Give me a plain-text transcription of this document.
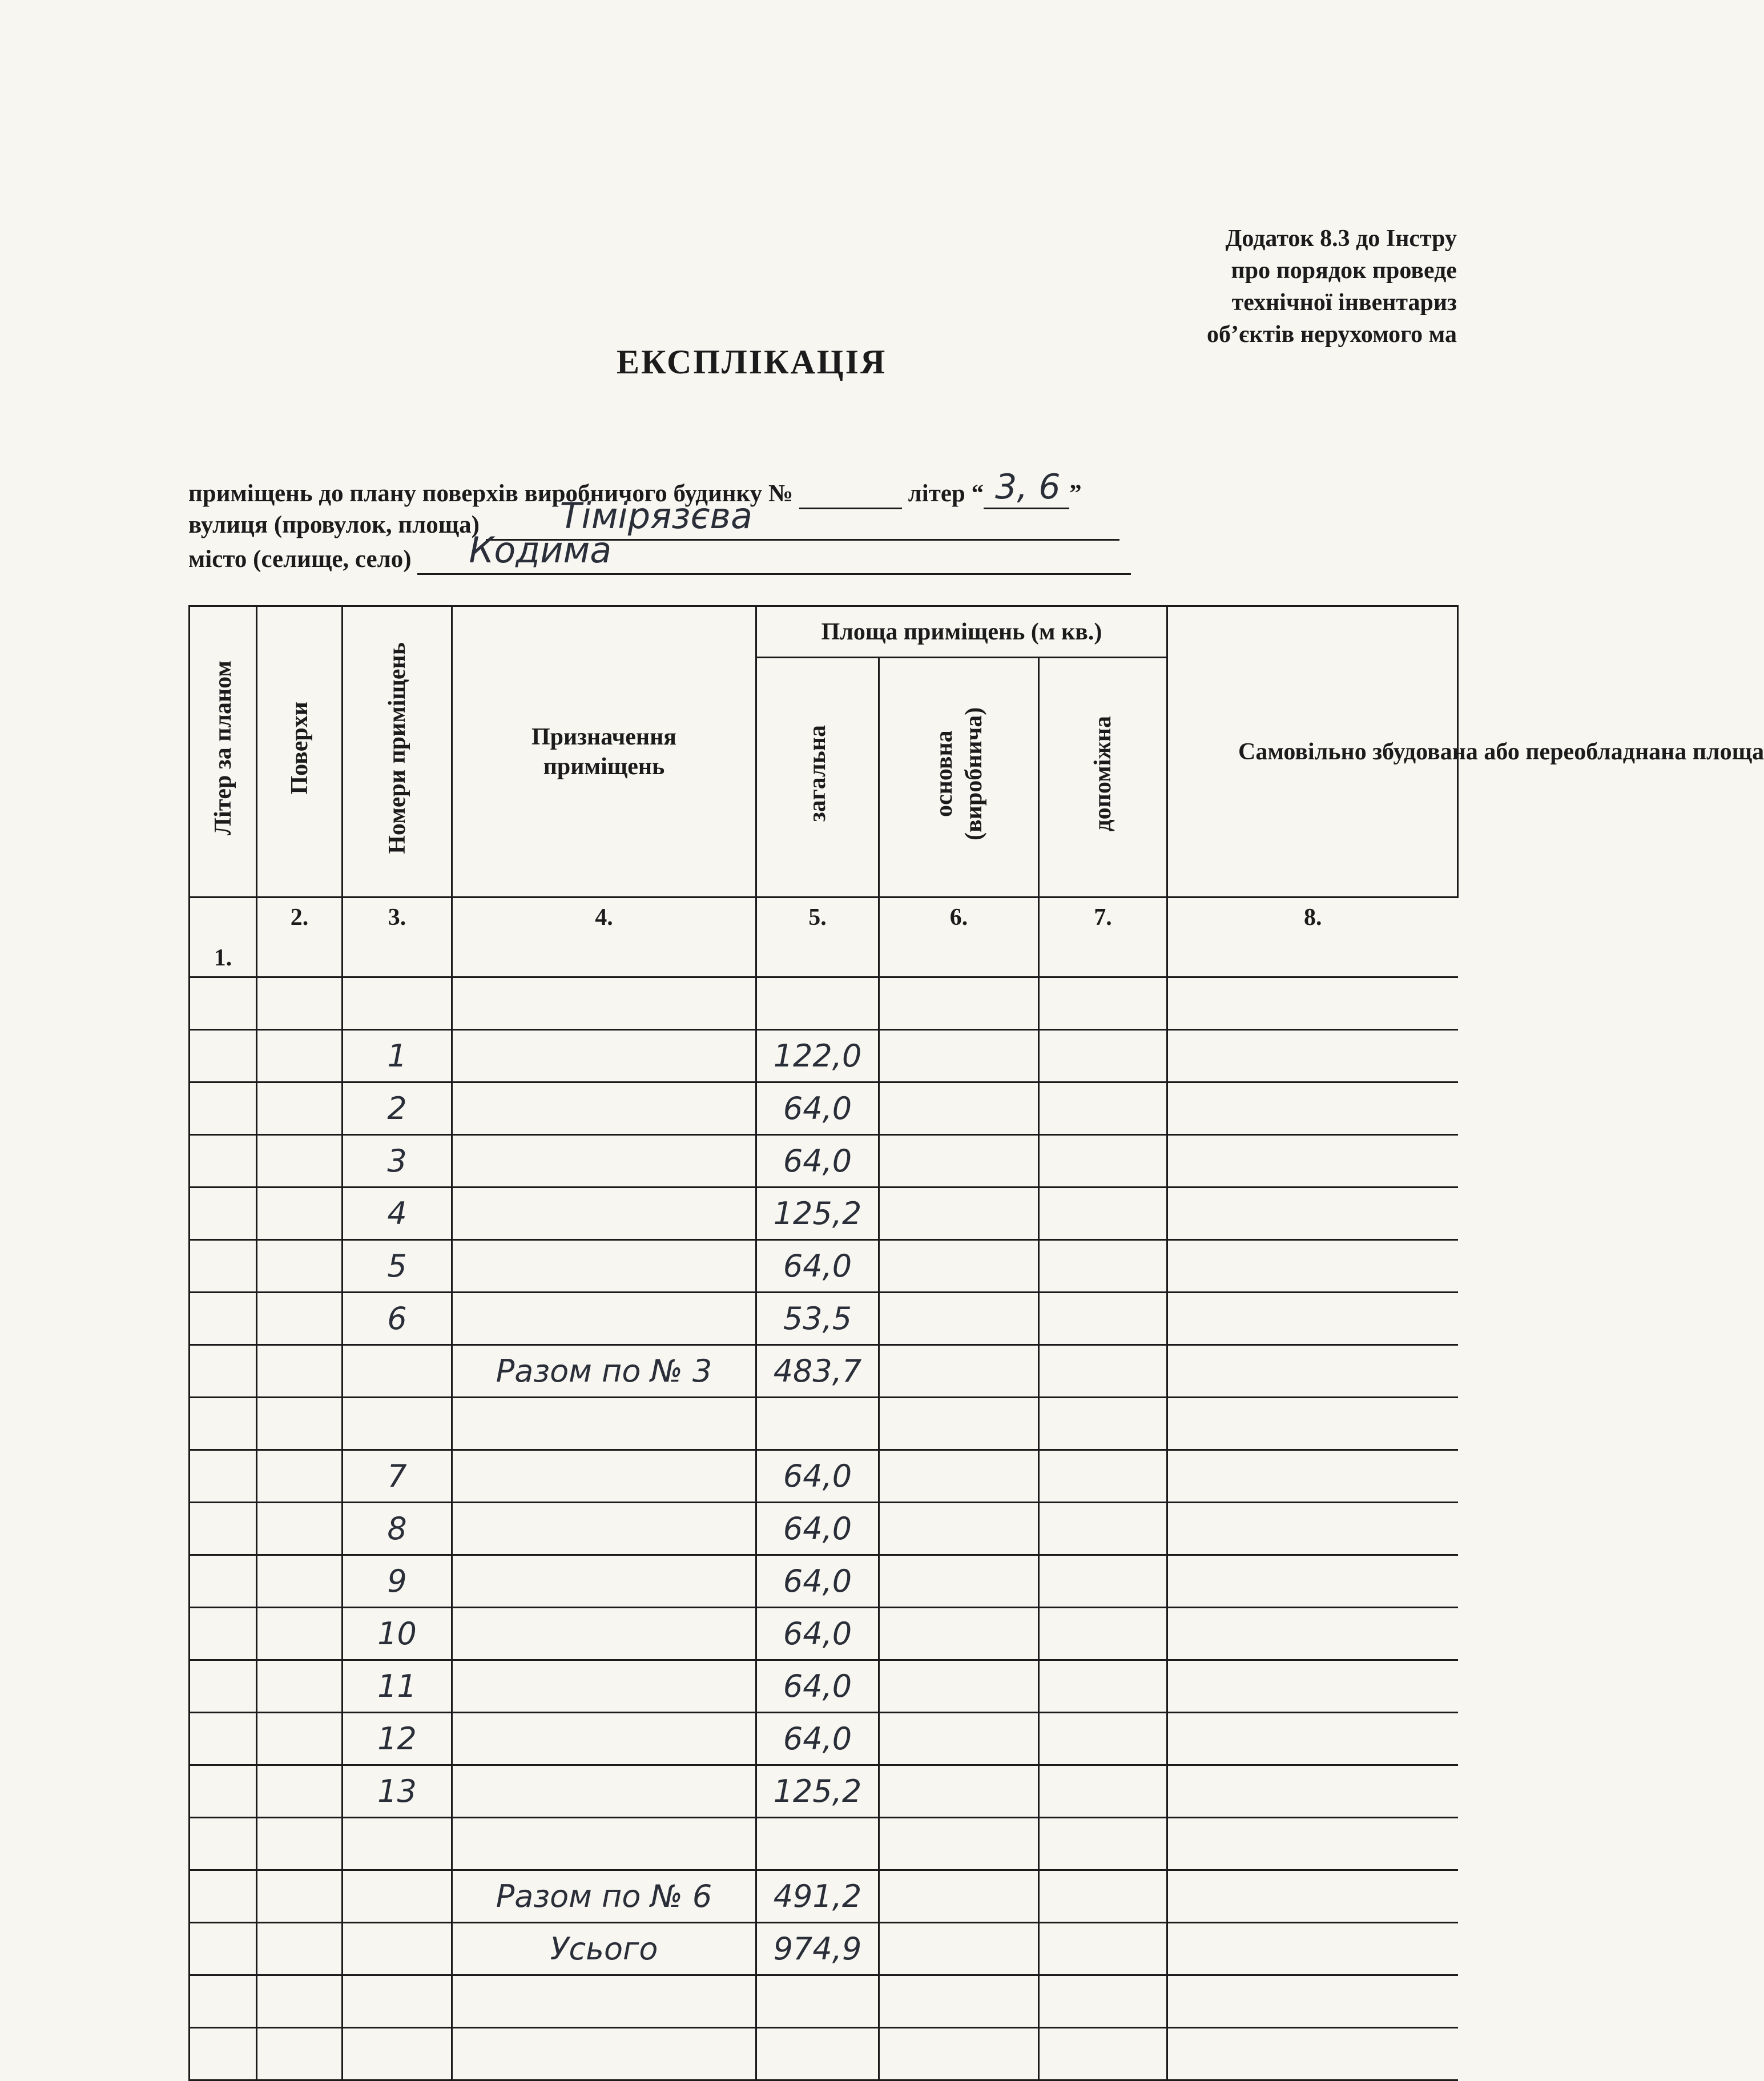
Додаток 8.3 до Інстру
про порядок проведе
технічної інвентариз
об’єктів нерухомого ма
ЕКСПЛІКАЦІЯ
приміщень до плану поверхів виробничого будинку №	літер “ 3, 6 ”
вулиця (провулок, площа) Тімірязєва

місто (селище, село) Кодима

Літер за планом	Поверхи	Номери приміщень	Призначення приміщень	Площа приміщень (м кв.)			Самовільно збудована або переобладнана площа
				загальна	основна (виробнича)	допоміжна	
1.	2.	3.	4.	5.	6.	7.	8.

		1		122,0			
		2		64,0			
		3		64,0			
		4		125,2			
		5		64,0			
		6		53,5			
			Разом по № 3	483,7			

		7		64,0			
		8		64,0			
		9		64,0			
		10		64,0			
		11		64,0			
		12		64,0			
		13		125,2			

			Разом по № 6	491,2			
			Усього	974,9			
